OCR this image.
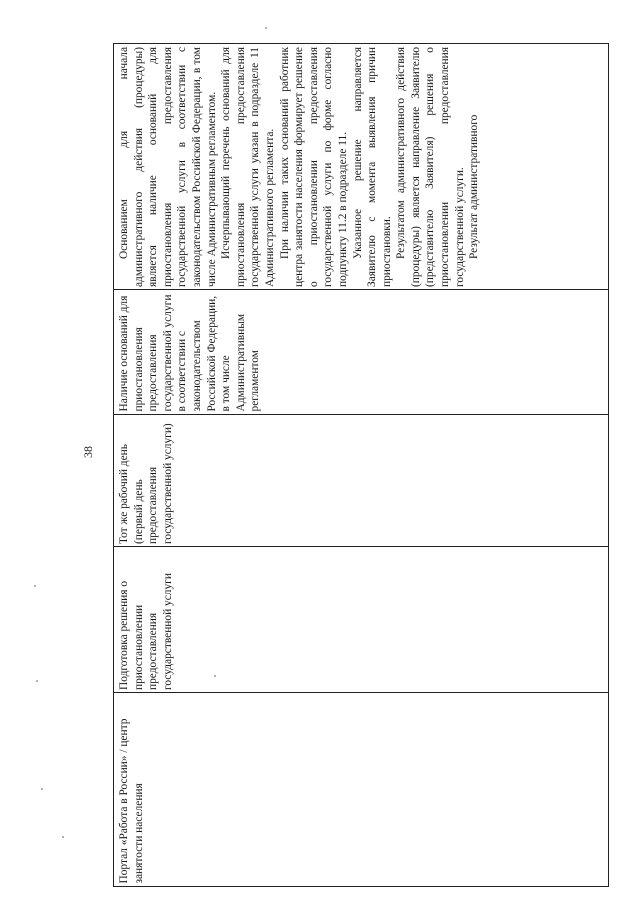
38

Основанием для начала административного действия (процедуры) является наличие оснований для приостановления предоставления государственной услуги в соответствии с законодательством Российской Федерации, в том числе Административным регламентом. Исчерпывающий перечень оснований для приостановления предоставления государственной услуги указан в подразделе 11 Административного регламента. При наличии таких оснований работник центра занятости населения формирует решение о приостановлении предоставления государственной услуги по форме согласно подпункту 11.2 в подразделе 11. Указанное решение направляется Заявителю с момента выявления причин приостановки. Результатом административного действия (процедуры) является направление Заявителю (представителю Заявителя) решения о приостановлении предоставления государственной услуги. Результат административного

Наличие оснований для приостановления предоставления государственной услуги в соответствии с законодательством Российской Федерации, в том числе Административным регламентом

Тот же рабочий день (первый день предоставления государственной услуги)

Подготовка решения о приостановлении предоставления государственной услуги

Портал «Работа в России» / центр занятости населения
